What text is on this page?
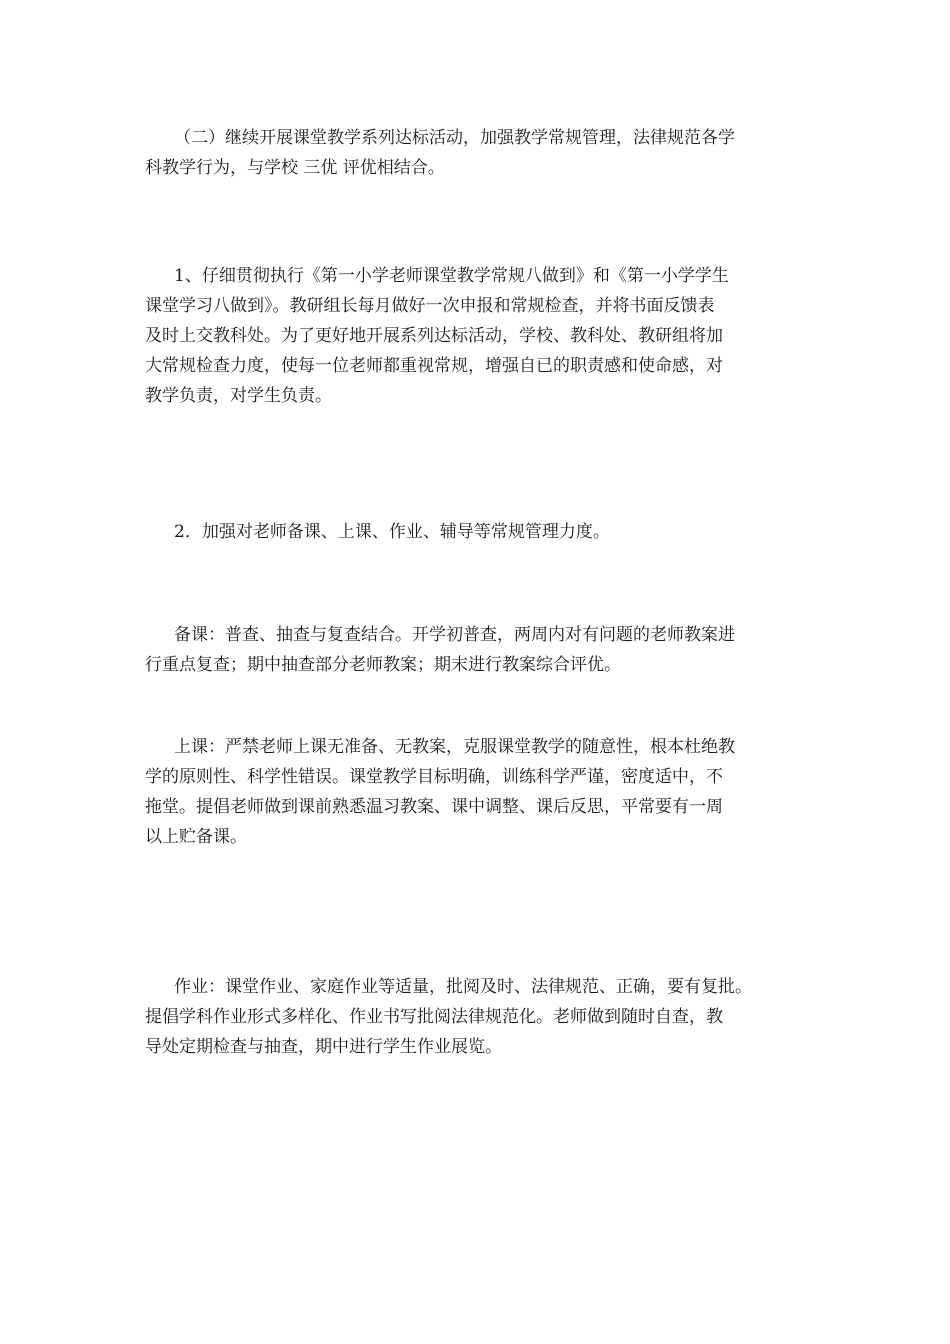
（二）继续开展课堂教学系列达标活动，加强教学常规管理，法律规范各学
科教学行为，与学校 三优 评优相结合。
1、仔细贯彻执行《第一小学老师课堂教学常规八做到》和《第一小学学生
课堂学习八做到》。教研组长每月做好一次申报和常规检查，并将书面反馈表
及时上交教科处。为了更好地开展系列达标活动，学校、教科处、教研组将加
大常规检查力度，使每一位老师都重视常规，增强自已的职责感和使命感，对
教学负责，对学生负责。
2．加强对老师备课、上课、作业、辅导等常规管理力度。
备课：普查、抽查与复查结合。开学初普查，两周内对有问题的老师教案进
行重点复查；期中抽查部分老师教案；期末进行教案综合评优。
上课：严禁老师上课无准备、无教案，克服课堂教学的随意性，根本杜绝教
学的原则性、科学性错误。课堂教学目标明确，训练科学严谨，密度适中，不
拖堂。提倡老师做到课前熟悉温习教案、课中调整、课后反思，平常要有一周
以上贮备课。
作业：课堂作业、家庭作业等适量，批阅及时、法律规范、正确，要有复批。
提倡学科作业形式多样化、作业书写批阅法律规范化。老师做到随时自查，教
导处定期检查与抽查，期中进行学生作业展览。
